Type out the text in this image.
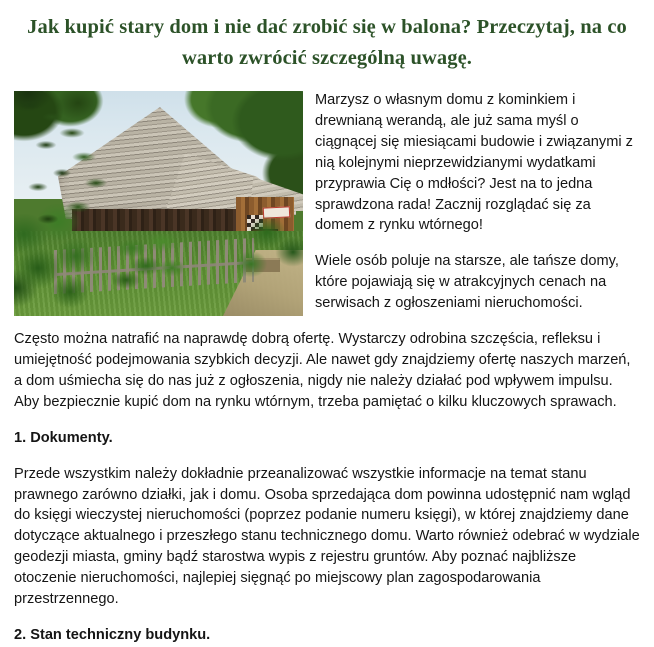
Jak kupić stary dom i nie dać zrobić się w balona? Przeczytaj, na co warto zwrócić szczególną uwagę.

Marzysz o własnym domu z kominkiem i drewnianą werandą, ale już sama myśl o ciągnącej się miesiącami budowie i związanymi z nią kolejnymi nieprzewidzianymi wydatkami przyprawia Cię o mdłości? Jest na to jedna sprawdzona rada! Zacznij rozglądać się za domem z rynku wtórnego!

Wiele osób poluje na starsze, ale tańsze domy, które pojawiają się w atrakcyjnych cenach na serwisach z ogłoszeniami nieruchomości.

Często można natrafić na naprawdę dobrą ofertę. Wystarczy odrobina szczęścia, refleksu i umiejętność podejmowania szybkich decyzji. Ale nawet gdy znajdziemy ofertę naszych marzeń, a dom uśmiecha się do nas już z ogłoszenia, nigdy nie należy działać pod wpływem impulsu. Aby bezpiecznie kupić dom na rynku wtórnym, trzeba pamiętać o kilku kluczowych sprawach.

1. Dokumenty.

Przede wszystkim należy dokładnie przeanalizować wszystkie informacje na temat stanu prawnego zarówno działki, jak i domu. Osoba sprzedająca dom powinna udostępnić nam wgląd do księgi wieczystej nieruchomości (poprzez podanie numeru księgi), w której znajdziemy dane dotyczące aktualnego i przeszłego stanu technicznego domu. Warto również odebrać w wydziale geodezji miasta, gminy bądź starostwa wypis z rejestru gruntów. Aby poznać najbliższe otoczenie nieruchomości, najlepiej sięgnąć po miejscowy plan zagospodarowania przestrzennego.

2. Stan techniczny budynku.
